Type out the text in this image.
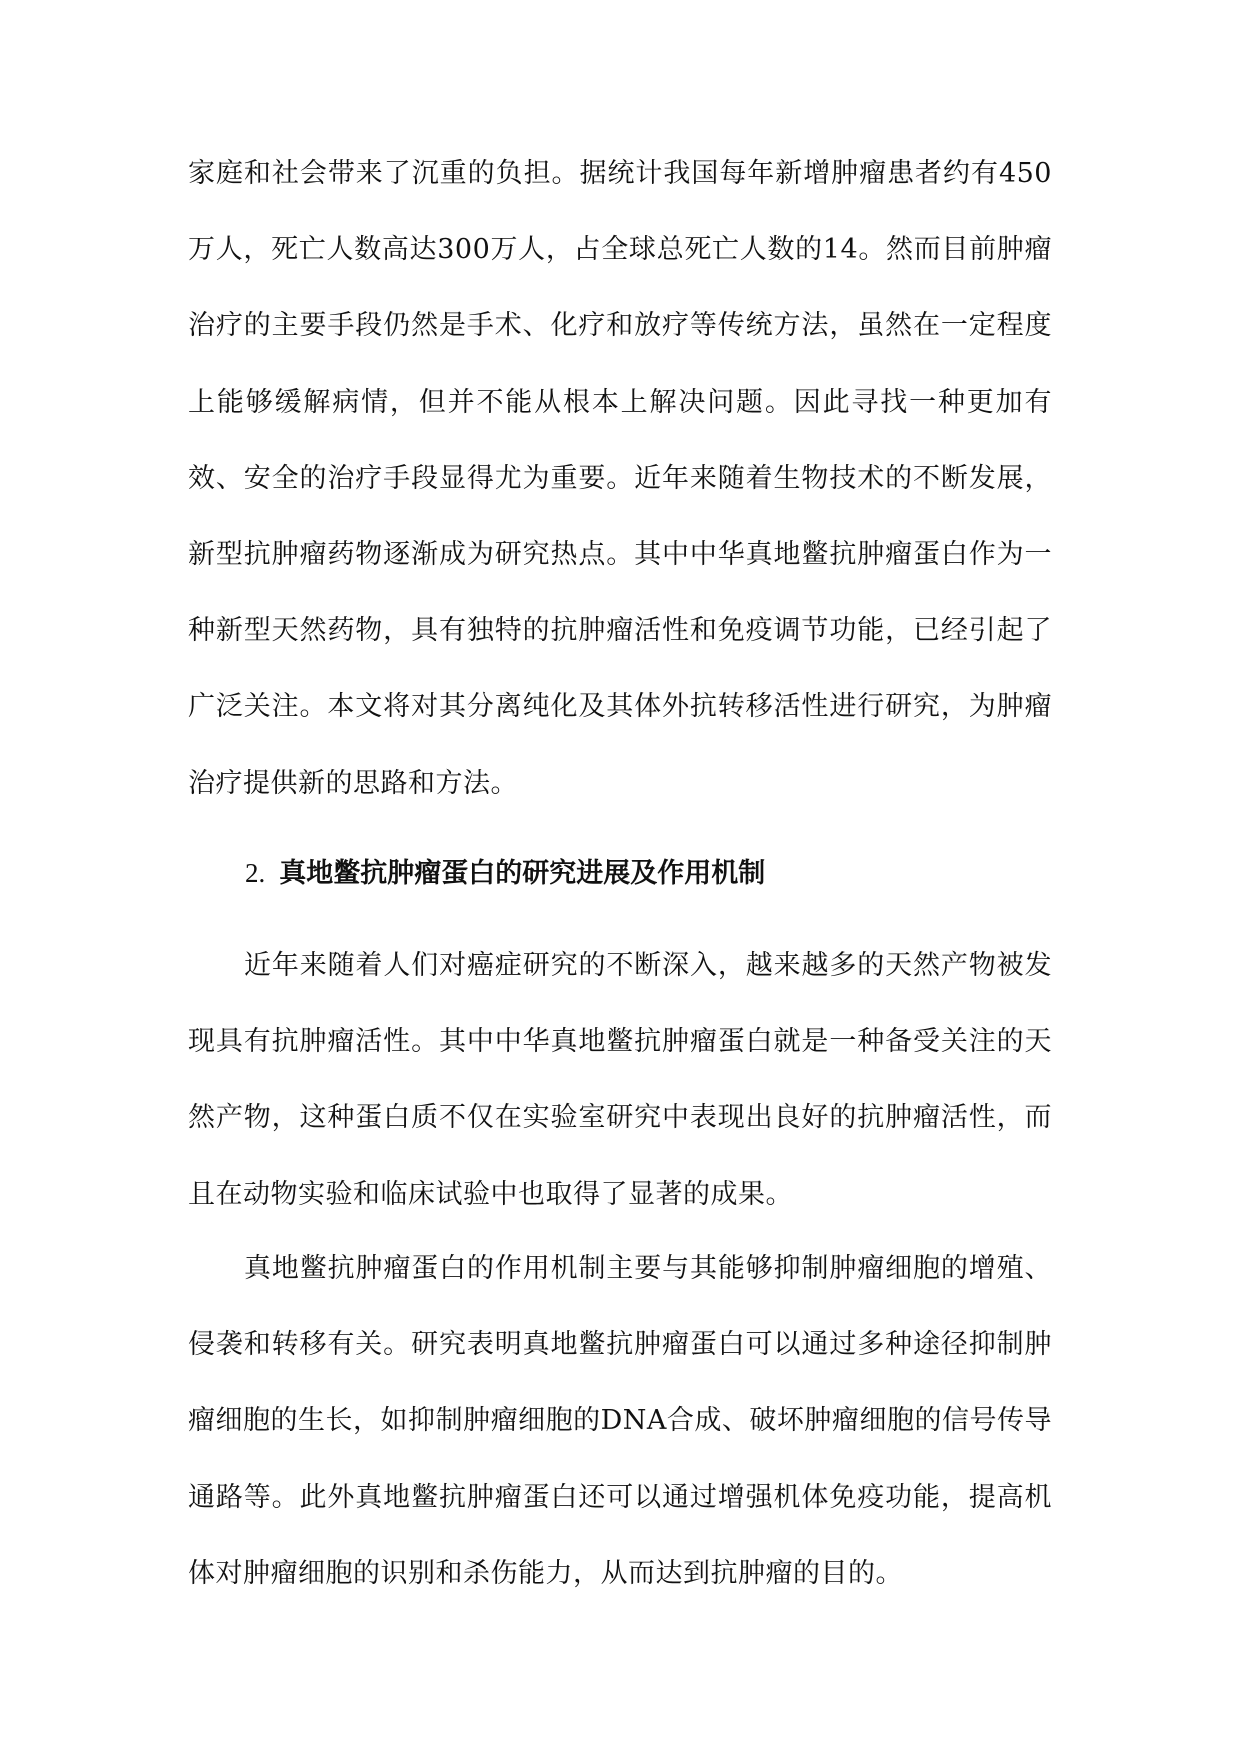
家庭和社会带来了沉重的负担。据统计我国每年新增肿瘤患者约有450万人，死亡人数高达300万人，占全球总死亡人数的14。然而目前肿瘤治疗的主要手段仍然是手术、化疗和放疗等传统方法，虽然在一定程度上能够缓解病情，但并不能从根本上解决问题。因此寻找一种更加有效、安全的治疗手段显得尤为重要。近年来随着生物技术的不断发展，新型抗肿瘤药物逐渐成为研究热点。其中中华真地鳖抗肿瘤蛋白作为一种新型天然药物，具有独特的抗肿瘤活性和免疫调节功能，已经引起了广泛关注。本文将对其分离纯化及其体外抗转移活性进行研究，为肿瘤治疗提供新的思路和方法。

2. 真地鳖抗肿瘤蛋白的研究进展及作用机制

近年来随着人们对癌症研究的不断深入，越来越多的天然产物被发现具有抗肿瘤活性。其中中华真地鳖抗肿瘤蛋白就是一种备受关注的天然产物，这种蛋白质不仅在实验室研究中表现出良好的抗肿瘤活性，而且在动物实验和临床试验中也取得了显著的成果。

真地鳖抗肿瘤蛋白的作用机制主要与其能够抑制肿瘤细胞的增殖、侵袭和转移有关。研究表明真地鳖抗肿瘤蛋白可以通过多种途径抑制肿瘤细胞的生长，如抑制肿瘤细胞的DNA合成、破坏肿瘤细胞的信号传导通路等。此外真地鳖抗肿瘤蛋白还可以通过增强机体免疫功能，提高机体对肿瘤细胞的识别和杀伤能力，从而达到抗肿瘤的目的。
